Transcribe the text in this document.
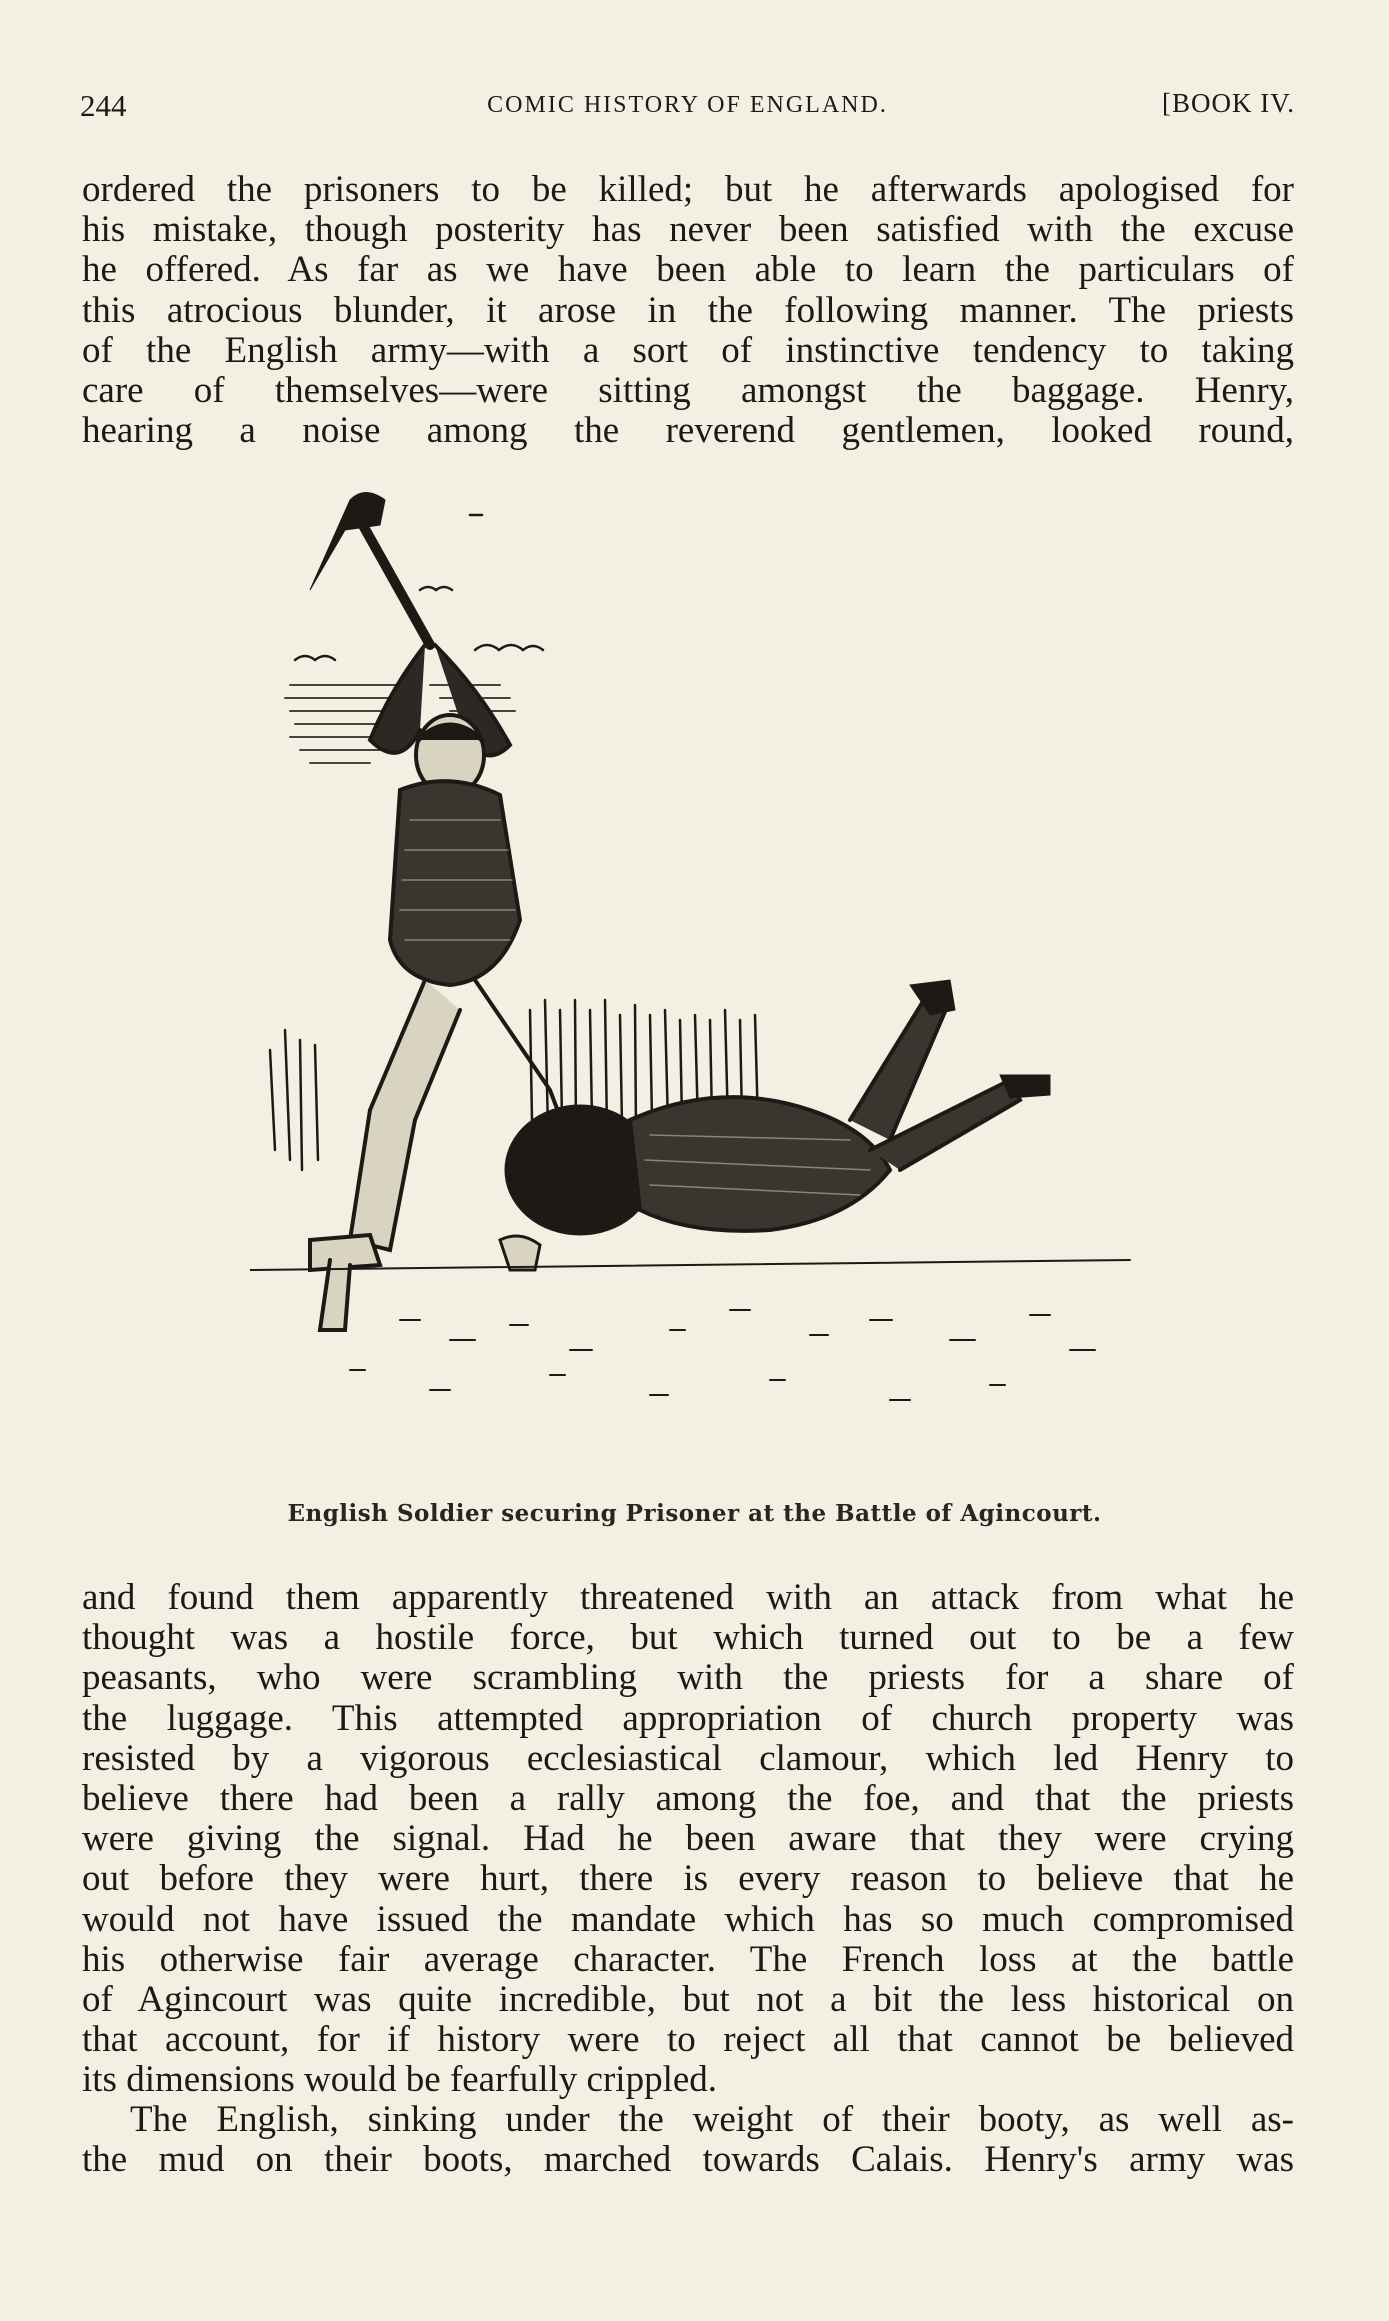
244	COMIC HISTORY OF ENGLAND.	[BOOK IV.

ordered the prisoners to be killed; but he afterwards apologised for
his mistake, though posterity has never been satisfied with the excuse
he offered. As far as we have been able to learn the particulars of
this atrocious blunder, it arose in the following manner. The priests
of the English army—with a sort of instinctive tendency to taking
care of themselves—were sitting amongst the baggage. Henry,
hearing a noise among the reverend gentlemen, looked round,

English Soldier securing Prisoner at the Battle of Agincourt.

and found them apparently threatened with an attack from what he
thought was a hostile force, but which turned out to be a few
peasants, who were scrambling with the priests for a share of
the luggage. This attempted appropriation of church property was
resisted by a vigorous ecclesiastical clamour, which led Henry to
believe there had been a rally among the foe, and that the priests
were giving the signal. Had he been aware that they were crying
out before they were hurt, there is every reason to believe that he
would not have issued the mandate which has so much compromised
his otherwise fair average character. The French loss at the battle
of Agincourt was quite incredible, but not a bit the less historical on
that account, for if history were to reject all that cannot be believed
its dimensions would be fearfully crippled.

The English, sinking under the weight of their booty, as well as-
the mud on their boots, marched towards Calais. Henry's army was
